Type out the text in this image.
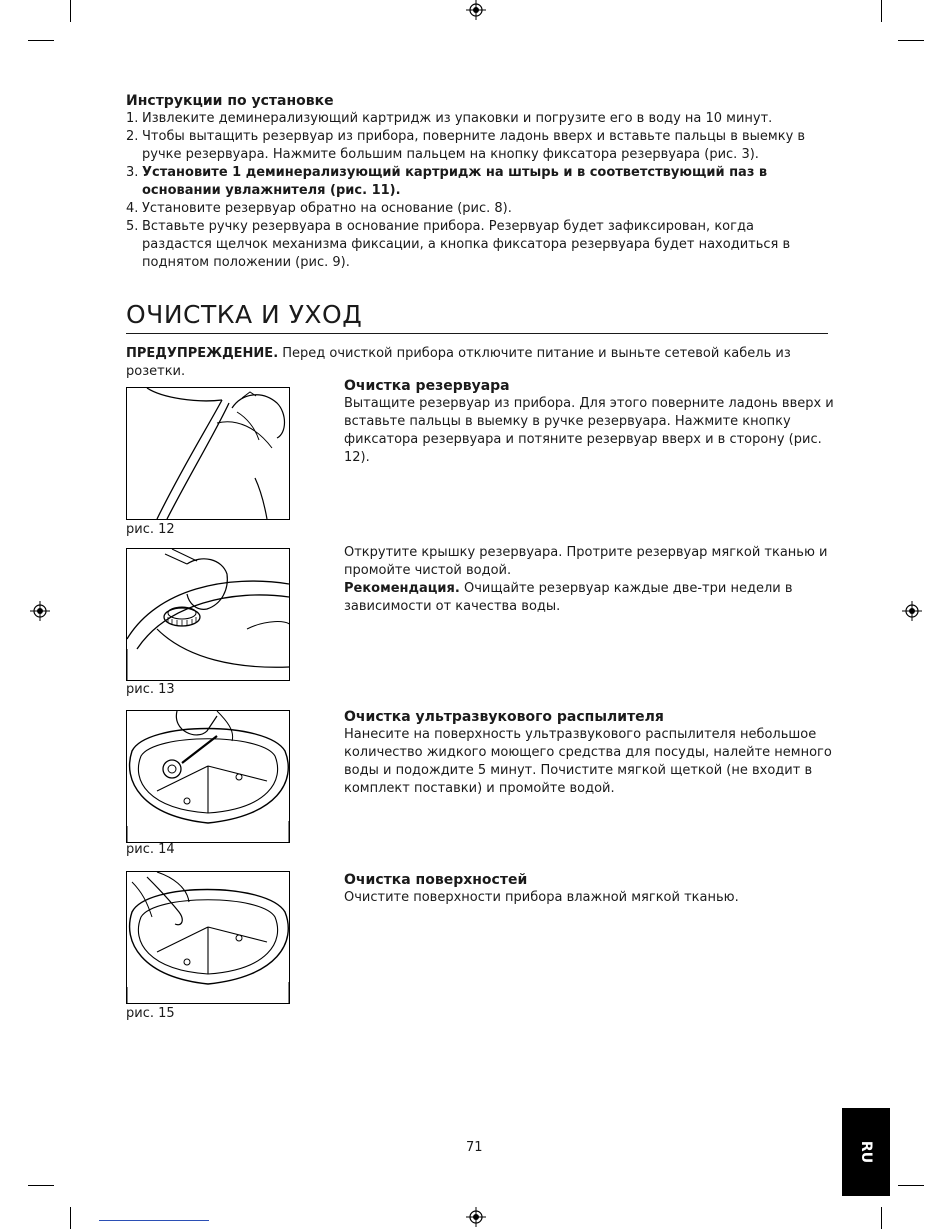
Инструкции по установке
1. Извлеките деминерализующий картридж из упаковки и погрузите его в воду на 10 минут.
2. Чтобы вытащить резервуар из прибора, поверните ладонь вверх и вставьте пальцы в выемку в ручке резервуара. Нажмите большим пальцем на кнопку фиксатора резервуара (рис. 3).
3. Установите 1 деминерализующий картридж на штырь и в соответствующий паз в основании увлажнителя (рис. 11).
4. Установите резервуар обратно на основание (рис. 8).
5. Вставьте ручку резервуара в основание прибора. Резервуар будет зафиксирован, когда раздастся щелчок механизма фиксации, а кнопка фиксатора резервуара будет находиться в поднятом положении (рис. 9).
ОЧИСТКА И УХОД
ПРЕДУПРЕЖДЕНИЕ. Перед очисткой прибора отключите питание и выньте сетевой кабель из розетки.
рис. 12
рис. 13
рис. 14
рис. 15
Очистка резервуара
Вытащите резервуар из прибора. Для этого поверните ладонь вверх и вставьте пальцы в выемку в ручке резервуара. Нажмите кнопку фиксатора резервуара и потяните резервуар вверх и в сторону (рис. 12).
Открутите крышку резервуара. Протрите резервуар мягкой тканью и промойте чистой водой.
Рекомендация. Очищайте резервуар каждые две-три недели в зависимости от качества воды.
Очистка ультразвукового распылителя
Нанесите на поверхность ультразвукового распылителя небольшое количество жидкого моющего средства для посуды, налейте немного воды и подождите 5 минут. Почистите мягкой щеткой (не входит в комплект поставки) и промойте водой.
Очистка поверхностей
Очистите поверхности прибора влажной мягкой тканью.
71	RU
